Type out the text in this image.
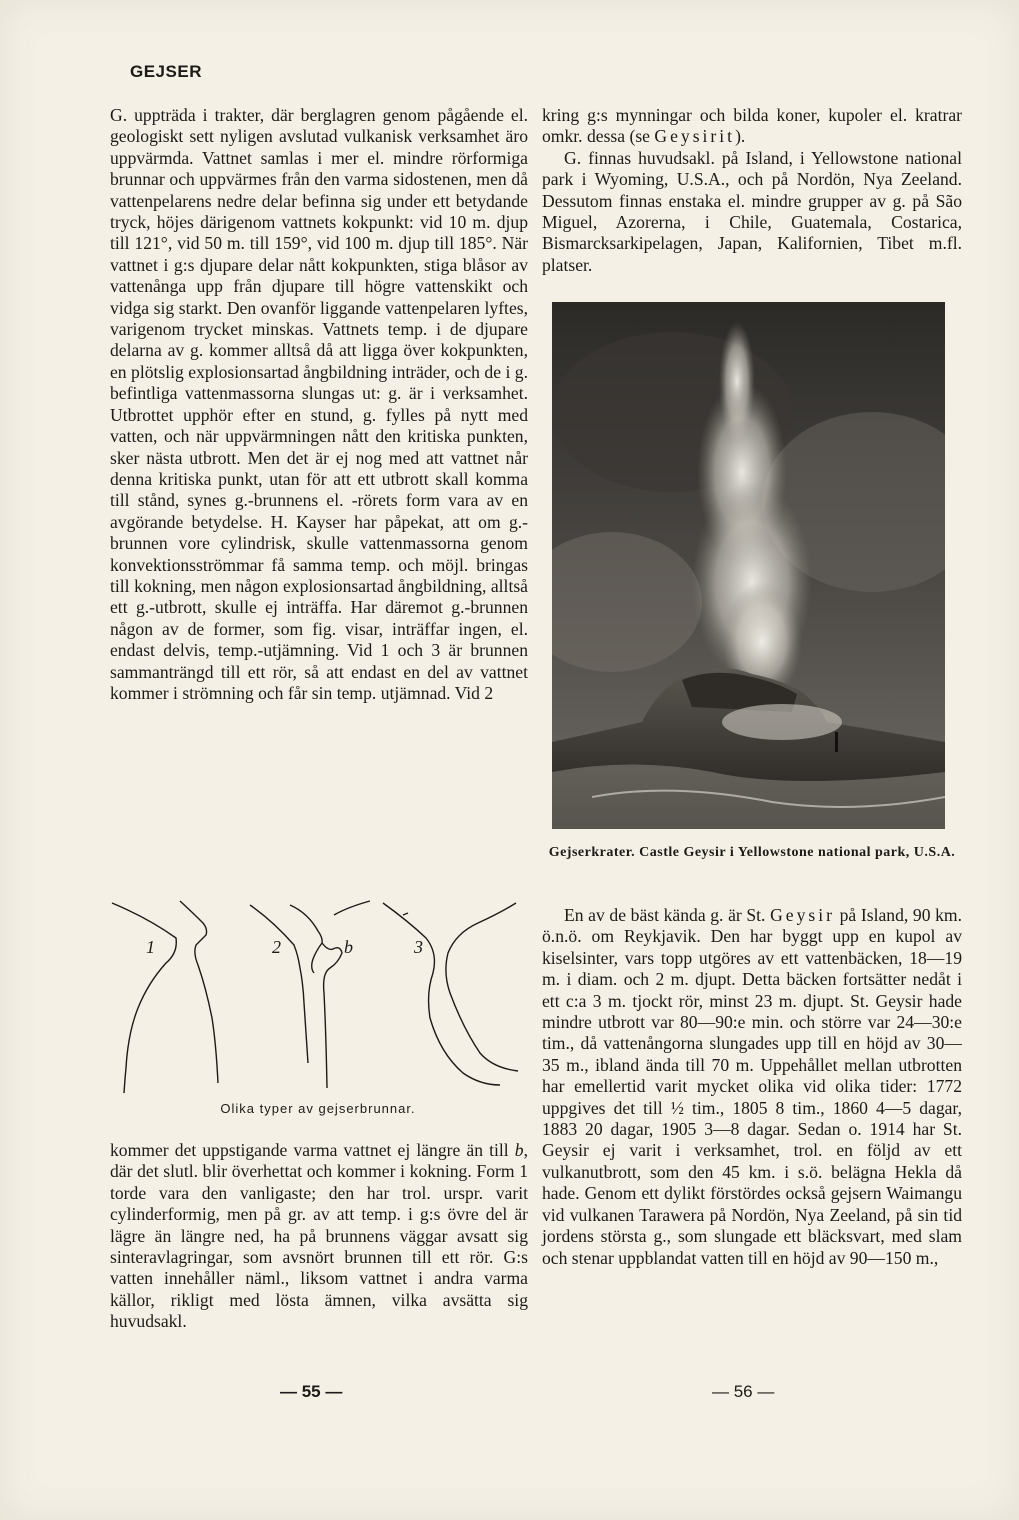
GEJSER

G. uppträda i trakter, där berglagren genom pågående el. geologiskt sett nyligen avslutad vulkanisk verksamhet äro uppvärmda. Vattnet samlas i mer el. mindre rörformiga brunnar och uppvärmes från den varma sidostenen, men då vattenpelarens nedre delar befinna sig under ett betydande tryck, höjes därigenom vattnets kokpunkt: vid 10 m. djup till 121°, vid 50 m. till 159°, vid 100 m. djup till 185°. När vattnet i g:s djupare delar nått kokpunkten, stiga blåsor av vattenånga upp från djupare till högre vattenskikt och vidga sig starkt. Den ovanför liggande vattenpelaren lyftes, varigenom trycket minskas. Vattnets temp. i de djupare delarna av g. kommer alltså då att ligga över kokpunkten, en plötslig explosionsartad ångbildning inträder, och de i g. befintliga vattenmassorna slungas ut: g. är i verksamhet. Utbrottet upphör efter en stund, g. fylles på nytt med vatten, och när uppvärmningen nått den kritiska punkten, sker nästa utbrott. Men det är ej nog med att vattnet når denna kritiska punkt, utan för att ett utbrott skall komma till stånd, synes g.-brunnens el. -rörets form vara av en avgörande betydelse. H. Kayser har påpekat, att om g.-brunnen vore cylindrisk, skulle vattenmassorna genom konvektionsströmmar få samma temp. och möjl. bringas till kokning, men någon explosionsartad ångbildning, alltså ett g.-utbrott, skulle ej inträffa. Har däremot g.-brunnen någon av de former, som fig. visar, inträffar ingen, el. endast delvis, temp.-utjämning. Vid 1 och 3 är brunnen sammanträngd till ett rör, så att endast en del av vattnet kommer i strömning och får sin temp. utjämnad. Vid 2

1	2	b	3
Olika typer av gejserbrunnar.

kommer det uppstigande varma vattnet ej längre än till b, där det slutl. blir överhettat och kommer i kokning. Form 1 torde vara den vanligaste; den har trol. urspr. varit cylinderformig, men på gr. av att temp. i g:s övre del är lägre än längre ned, ha på brunnens väggar avsatt sig sinteravlagringar, som avsnört brunnen till ett rör. G:s vatten innehåller näml., liksom vattnet i andra varma källor, rikligt med lösta ämnen, vilka avsätta sig huvudsakl.

kring g:s mynningar och bilda koner, kupoler el. kratrar omkr. dessa (se Geysirit).

G. finnas huvudsakl. på Island, i Yellowstone national park i Wyoming, U.S.A., och på Nordön, Nya Zeeland. Dessutom finnas enstaka el. mindre grupper av g. på São Miguel, Azorerna, i Chile, Guatemala, Costarica, Bismarcksarkipelagen, Japan, Kalifornien, Tibet m.fl. platser.

Gejserkrater. Castle Geysir i Yellowstone national park, U.S.A.

En av de bäst kända g. är St. Geysir på Island, 90 km. ö.n.ö. om Reykjavik. Den har byggt upp en kupol av kiselsinter, vars topp utgöres av ett vattenbäcken, 18—19 m. i diam. och 2 m. djupt. Detta bäcken fortsätter nedåt i ett c:a 3 m. tjockt rör, minst 23 m. djupt. St. Geysir hade mindre utbrott var 80—90:e min. och större var 24—30:e tim., då vattenångorna slungades upp till en höjd av 30—35 m., ibland ända till 70 m. Uppehållet mellan utbrotten har emellertid varit mycket olika vid olika tider: 1772 uppgives det till ½ tim., 1805 8 tim., 1860 4—5 dagar, 1883 20 dagar, 1905 3—8 dagar. Sedan o. 1914 har St. Geysir ej varit i verksamhet, trol. en följd av ett vulkanutbrott, som den 45 km. i s.ö. belägna Hekla då hade. Genom ett dylikt förstördes också gejsern Waimangu vid vulkanen Tarawera på Nordön, Nya Zeeland, på sin tid jordens största g., som slungade ett bläcksvart, med slam och stenar uppblandat vatten till en höjd av 90—150 m.,

— 55 —	— 56 —
